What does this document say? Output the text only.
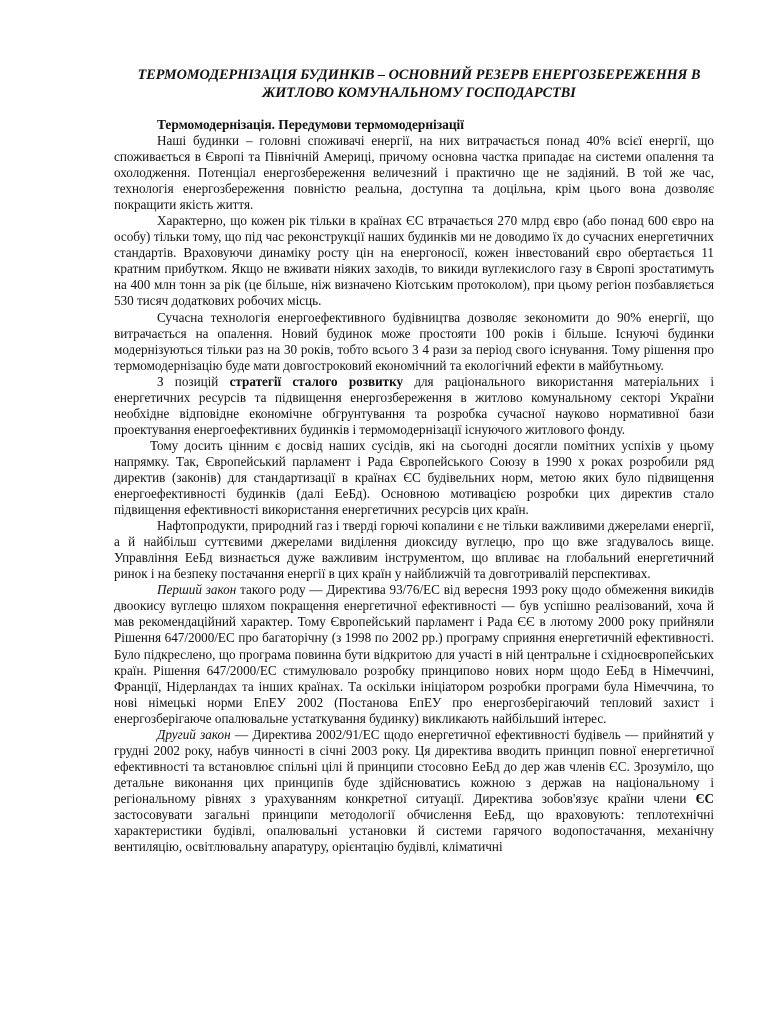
ТЕРМОМОДЕРНІЗАЦІЯ БУДИНКІВ – ОСНОВНИЙ РЕЗЕРВ ЕНЕРГОЗБЕРЕЖЕННЯ В ЖИТЛОВО КОМУНАЛЬНОМУ ГОСПОДАРСТВІ
Термомодернізація. Передумови термомодернізації

Наші будинки – головні споживачі енергії, на них витрачається понад 40% всієї енергії, що споживається в Європі та Північній Америці, причому основна частка припадає на системи опалення та охолодження. Потенціал енергозбереження величезний і практично ще не задіяний. В той же час, технологія енергозбереження повністю реальна, доступна та доцільна, крім цього вона дозволяє покращити якість життя.

Характерно, що кожен рік тільки в країнах ЄС втрачається 270 млрд євро (або понад 600 євро на особу) тільки тому, що під час реконструкції наших будинків ми не доводимо їх до сучасних енергетичних стандартів. Враховуючи динаміку росту цін на енергоносії, кожен інвестований євро обертається 11 кратним прибутком. Якщо не вживати ніяких заходів, то викиди вуглекислого газу в Європі зростатимуть на 400 млн тонн за рік (це більше, ніж визначено Кіотським протоколом), при цьому регіон позбавляється 530 тисяч додаткових робочих місць.

Сучасна технологія енергоефективного будівництва дозволяє зекономити до 90% енергії, що витрачається на опалення. Новий будинок може простояти 100 років і більше. Існуючі будинки модернізуються тільки раз на 30 років, тобто всього 3 4 рази за період свого існування. Тому рішення про термомодернізацію буде мати довгостроковий економічний та екологічний ефекти в майбутньому.

З позицій стратегії сталого розвитку для раціонального використання матеріальних і енергетичних ресурсів та підвищення енергозбереження в житлово комунальному секторі України необхідне відповідне економічне обгрунтування та розробка сучасної науково нормативної бази проектування енергоефективних будинків і термомодернізації існуючого житлового фонду.

Тому досить цінним є досвід наших сусідів, які на сьогодні досягли помітних успіхів у цьому напрямку. Так, Європейський парламент і Рада Європейського Союзу в 1990 х роках розробили ряд директив (законів) для стандартизації в країнах ЄС будівельних норм, метою яких було підвищення енергоефективності будинків (далі ЕеБд). Основною мотивацією розробки цих директив стало підвищення ефективності використання енергетичних ресурсів цих країн.

Нафтопродукти, природний газ і тверді горючі копалини є не тільки важливими джерелами енергії, а й найбільш суттєвими джерелами виділення диоксиду вуглецю, про що вже згадувалось вище. Управління ЕеБд визнається дуже важливим інструментом, що впливає на глобальний енергетичний ринок і на безпеку постачання енергії в цих країн у найближчій та довготривалій перспективах.

Перший закон такого роду — Директива 93/76/ЕС від вересня 1993 року щодо обмеження викидів двоокису вуглецю шляхом покращення енергетичної ефективності — був успішно реалізований, хоча й мав рекомендаційний характер. Тому Європейський парламент і Рада ЄЄ в лютому 2000 року прийняли Рішення 647/2000/ЕС про багаторічну (з 1998 по 2002 рр.) програму сприяння енергетичній ефективності. Було підкреслено, що програма повинна бути відкритою для участі в ній центральне і східноєвропейських країн. Рішення 647/2000/ЕС стимулювало розробку принципово нових норм щодо ЕеБд в Німеччині, Франції, Нідерландах та інших країнах. Та оскільки ініціатором розробки програми була Німеччина, то нові німецькі норми ЕпЕУ 2002 (Постанова ЕпЕУ про енергозберігаючий тепловий захист і енергозберігаюче опалювальне устаткування будинку) викликають найбільший інтерес.

Другий закон — Директива 2002/91/ЕС щодо енергетичної ефективності будівель — прийнятий у грудні 2002 року, набув чинності в січні 2003 року. Ця директива вводить принцип повної енергетичної ефективності та встановлює спільні цілі й принципи стосовно ЕеБд до дер жав членів ЄС. Зрозуміло, що детальне виконання цих принципів буде здійснюватись кожною з держав на національному і регіональному рівнях з урахуванням конкретної ситуації. Директива зобов'язує країни члени ЄС застосовувати загальні принципи методології обчислення ЕеБд, що враховують: теплотехнічні характеристики будівлі, опалювальні установки й системи гарячого водопостачання, механічну вентиляцію, освітлювальну апаратуру, орієнтацію будівлі, кліматичні
